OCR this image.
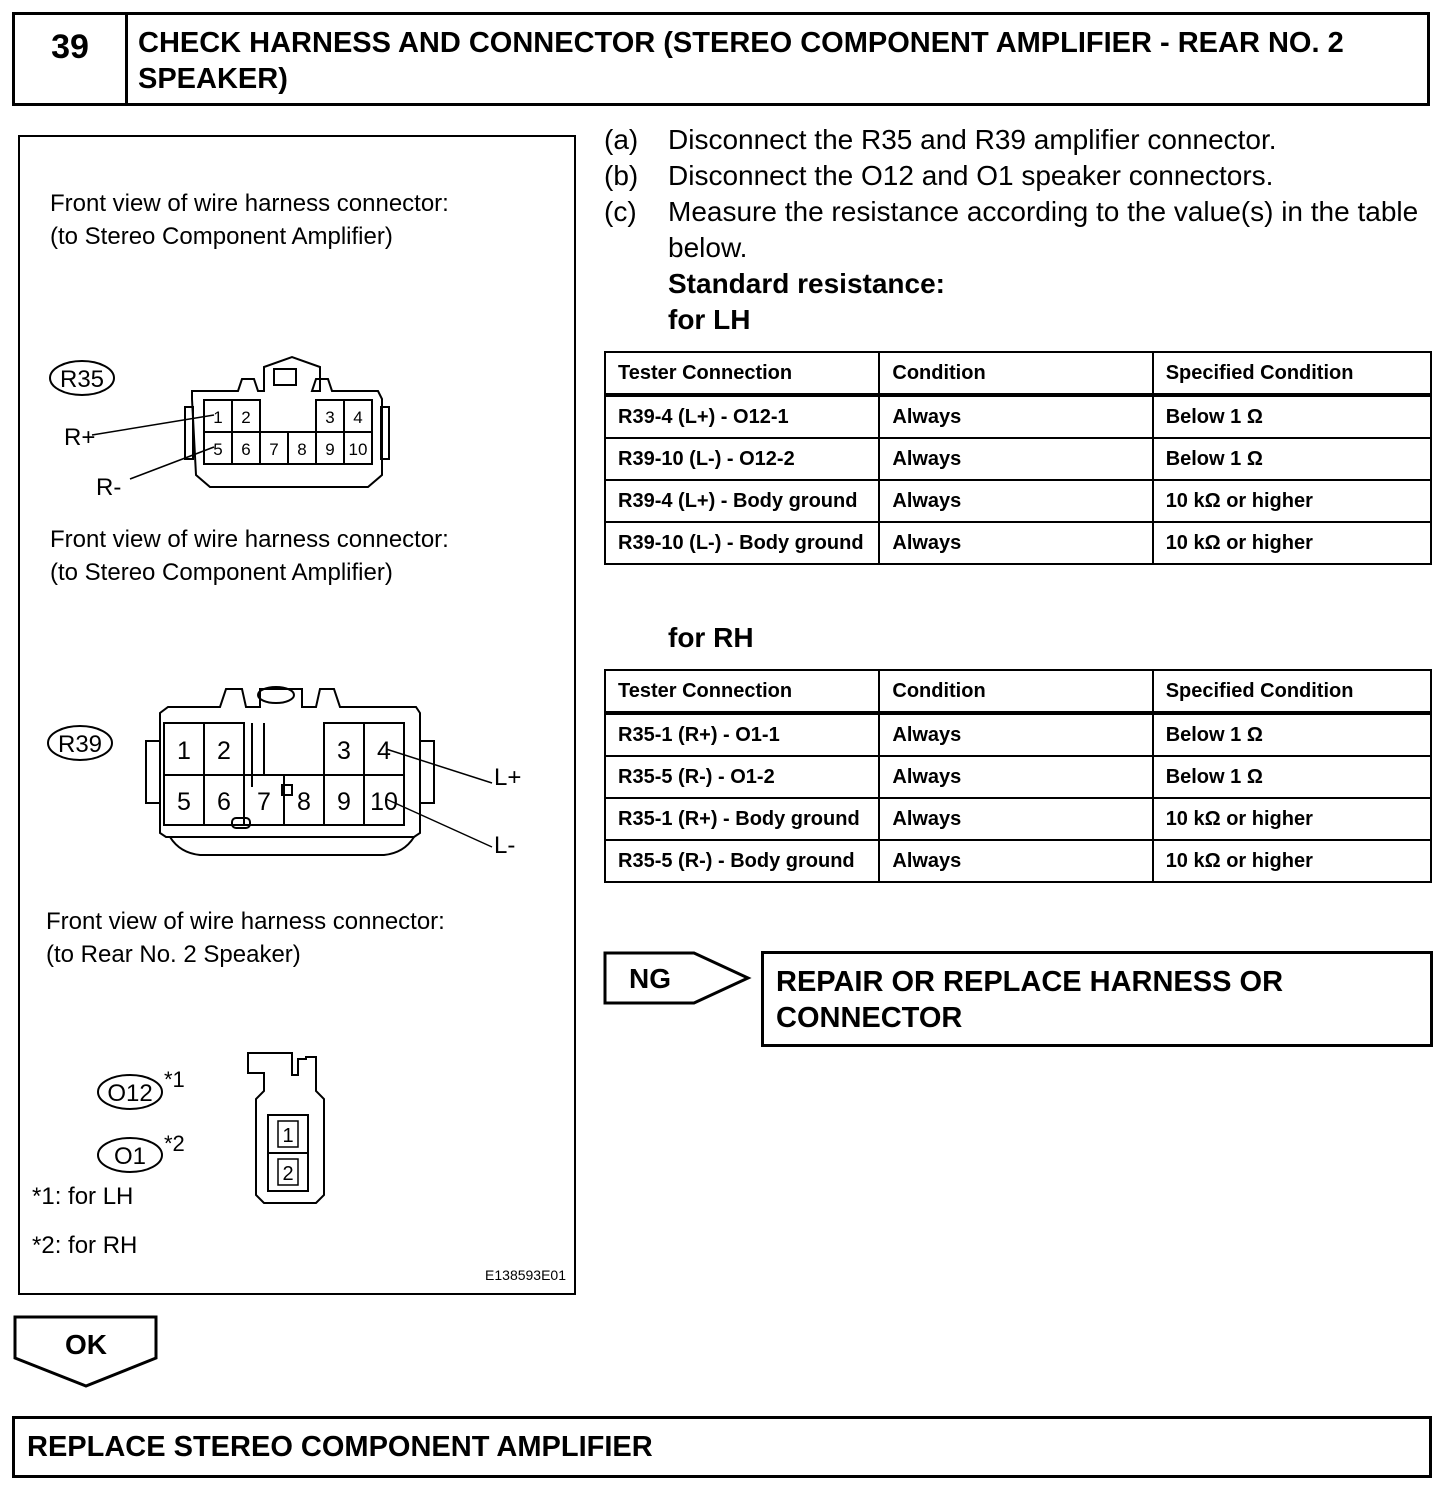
39	CHECK HARNESS AND CONNECTOR (STEREO COMPONENT AMPLIFIER - REAR NO. 2 SPEAKER)
Front view of wire harness connector:
(to Stereo Component Amplifier)
R35
1 2	3 4
5 6 7 8 9 10
R+
R-
Front view of wire harness connector:
(to Stereo Component Amplifier)
R39	1 2	3 4
5 6 7 8 9 10
L+
L-
Front view of wire harness connector:
(to Rear No. 2 Speaker)
O12
*1
O1 *2	1
2
*1: for LH
*2: for RH
E138593E01
(a) Disconnect the R35 and R39 amplifier connector.
(b) Disconnect the O12 and O1 speaker connectors.
(c) Measure the resistance according to the value(s) in the table below.
Standard resistance:
for LH
Tester Connection	Condition	Specified Condition
R39-4 (L+) - O12-1	Always	Below 1 Ω
R39-10 (L-) - O12-2	Always	Below 1 Ω
R39-4 (L+) - Body ground	Always	10 kΩ or higher
R39-10 (L-) - Body ground	Always	10 kΩ or higher
for RH
Tester Connection	Condition	Specified Condition
R35-1 (R+) - O1-1	Always	Below 1 Ω
R35-5 (R-) - O1-2	Always	Below 1 Ω
R35-1 (R+) - Body ground	Always	10 kΩ or higher
R35-5 (R-) - Body ground	Always	10 kΩ or higher
NG	REPAIR OR REPLACE HARNESS OR CONNECTOR
OK
REPLACE STEREO COMPONENT AMPLIFIER
